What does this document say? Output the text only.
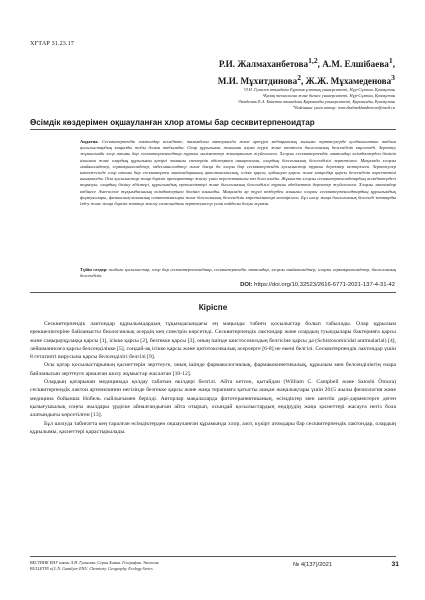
ХҒТАР 31.23.17
Р.И. Жалмаханбетова$^{1,2}$, А.М. Елшібаева$^1$,
М.И. Мұхитдинова$^2$, Ж.Ж. Мұхамеденова$^3$
¹Л.Н. Гумилев атындағы Еуразия ұлттық университеті, Нұр-Сұлтан, Қазақстан
²Қазақ технология және бизнес университеті, Нұр-Сұлтан, Қазақстан
³Академик Е.А. Бөкетов атындағы Қарағанды университеті, Қарағанды, Қазақстан
*Байланыс үшін автор: roza.zhalmakhanbetova@mail.ru
Өсімдік көздерімен оқшауланған хлор атомы бар сесквитерпеноидтар
Аңдатпа. Сесквитерпендік лактондар өсімдікте, тағамдағы материалда және әртүрлі медициналық ғылыми зерттеулерде қолданылатын табиғи қосылыстардың маңызды тобы болып табылады. Олар құрылымы жағынан алуан түрлі және көптеген биологиялық белсенділік көрсетеді. Зерттеу жұмысында хлор атомы бар сесквитерпеноидтар туралы мәліметтер жинақталып жүйеленген. Хлорлы сесквитерпендік лактондар өсімдіктерден бөлініп алынған және олардың құрылымы қазіргі заманғы спектрлік әдістермен анықталған, олардың биологиялық белсенділігі зерттелген. Мақалада хлорлы гвайянолидтер, гермакранолидтер, эвдесманолидтер және басқа да хлоры бар сесквитерпендік қосылыстар туралы деректер келтірілген. Зерттеулер нәтижесінде хлор атомы бар сесквитерпен лактондарының цитотоксикалық, ісікке қарсы, қабынуға қарсы және микробқа қарсы белсенділік көрсететіні анықталды. Осы қосылыстар жаңа дәрілік препараттар жасау үшін перспективалы көз бола алады. Жұмыста хлорлы сесквитерпеноидтардың өсімдіктердегі таралуы, олардың бөліну әдістері, құрылымдық ерекшеліктері және биологиялық белсенділігі туралы әдебиеттік деректер жүйеленген. Хлорлы лактондар көбінесе Asteraceae тұқымдасының өсімдіктерінен бөлініп алынады. Мақалада әр түрлі көздерден алынған хлорлы сесквитерпеноидтардың құрылымдық формулалары, физикалық-химиялық сипаттамалары және биологиялық белсенділік көрсеткіштері келтірілген. Бұл шолу жаңа биологиялық белсенді заттарды іздеу және жаңа дәрілік заттар жасау саласындағы зерттеушілер үшін пайдалы болуы мүмкін.
Түйін сөздер: табиғи қосылыстар, хлор бар сесквитерпеноидтар, сесквитерпендік лактондар, хлорлы гвайянолидтер, хлорлы гермакранолидтер, биологиялық белсенділік.
DOI: https://doi.org/10.32523/2616-6771-2021-137-4-31-42
Кіріспе

Сесквитерпендік лактондар құрылымдардың тұқымдасындағы ең маңызды табиғи қосылыстар болып табылады. Олар құрылым ерекшеліктеріне байланысты биологиялық әсердің кең спектрін көрсетеді. Сесквитерпендік лактондар және олардың туындылары бактерияға қарсы және саңырауқұлаққа қарсы [1], ісікке қарсы [2], безгекке қарсы [3], оның ішінде шистосомоздың белгісіне қарсы да (Schistosomicidal antimalarial) [4], лейшманиозға қарсы белсенділікке [5], сондай-ақ ісікке қарсы және цитотоксикалық әсерлерге [6-8] ие екені белгілі. Сесквитерпендік лактондар үшін 8 гетатипті вирусына қарсы белсенділігі белгілі [9].

Осы қатар қосылыстарының қасиеттерін зерттеуге, оның ішінде фармакологиялық, фармакокинетикалық, құрылым мен белсенділіктің өзара байланысын зерттеуге арналған шолу жұмыстар жасалған [10-12].

Олардың қатарынан медицинада қолдау табатын өкілдері белгілі. Айта кетсек, қытайдан (William C. Campbell және Satoshi Ōmura) сесквитерпендік лактон артемизинин негізінде безгекке қарсы және жаңа терапияға қатысты ашқан жаңалықтары үшін 2015 жылы физиология және медицина бойынша Нобель сыйлығымен берілді. Авторлар мақалаларда фитотерапевтиканың, өсімдіктер мен шептік дәрі-дәрмектерге деген қызығушылық соңғы жылдары үрдіске айналғандығын айта отырып, осындай қосылыстардың өндірудің жаңа қасиеттері жасауға негіз бола алатындығы көрсетілген [13].

Бұл шолуда табиғатта кең таралған өсімдіктерден оқшауланған құрамында хлор, азот, күкірт атомдары бар сесквитерпендік лактондар, олардың құрылымы, қасиеттері қарастырылады.

ВЕСТНИК ЕНУ имени Л.Н. Гумилева. Серия Химия. География. Экология
BULLETIN of L.N. Gumilyov ENU. Chemistry. Geography. Ecology Series
№ 4(137)/2021	31
